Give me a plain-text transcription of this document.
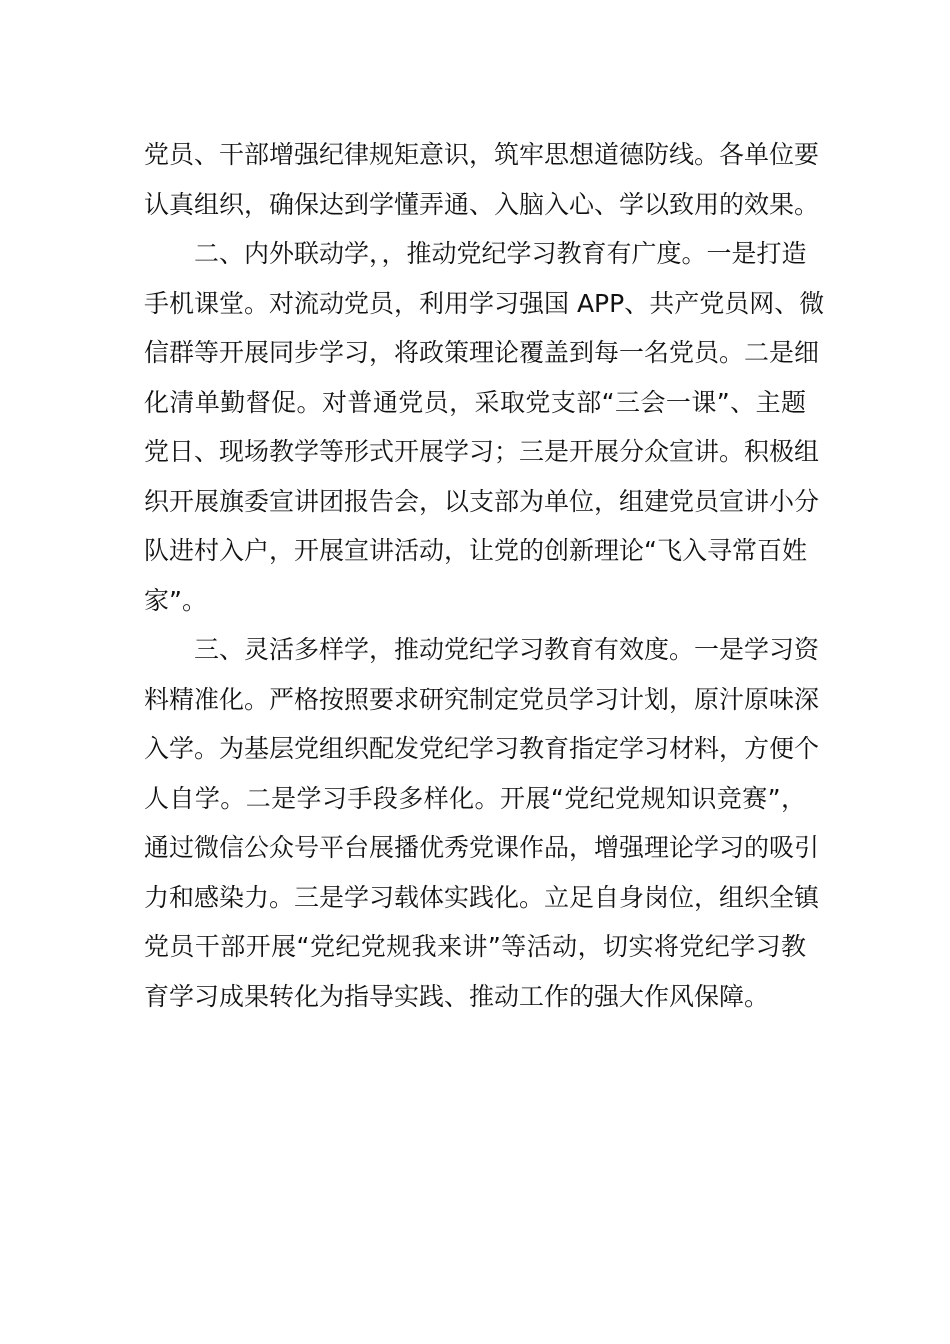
党员、干部增强纪律规矩意识，筑牢思想道德防线。各单位要
认真组织，确保达到学懂弄通、入脑入心、学以致用的效果。
二、内外联动学，，推动党纪学习教育有广度。一是打造
手机课堂。对流动党员，利用学习强国 APP、共产党员网、微
信群等开展同步学习，将政策理论覆盖到每一名党员。二是细
化清单勤督促。对普通党员，采取党支部“三会一课”、主题
党日、现场教学等形式开展学习；三是开展分众宣讲。积极组
织开展旗委宣讲团报告会，以支部为单位，组建党员宣讲小分
队进村入户，开展宣讲活动，让党的创新理论“飞入寻常百姓
家”。
三、灵活多样学，推动党纪学习教育有效度。一是学习资
料精准化。严格按照要求研究制定党员学习计划，原汁原味深
入学。为基层党组织配发党纪学习教育指定学习材料，方便个
人自学。二是学习手段多样化。开展“党纪党规知识竞赛”，
通过微信公众号平台展播优秀党课作品，增强理论学习的吸引
力和感染力。三是学习载体实践化。立足自身岗位，组织全镇
党员干部开展“党纪党规我来讲”等活动，切实将党纪学习教
育学习成果转化为指导实践、推动工作的强大作风保障。
